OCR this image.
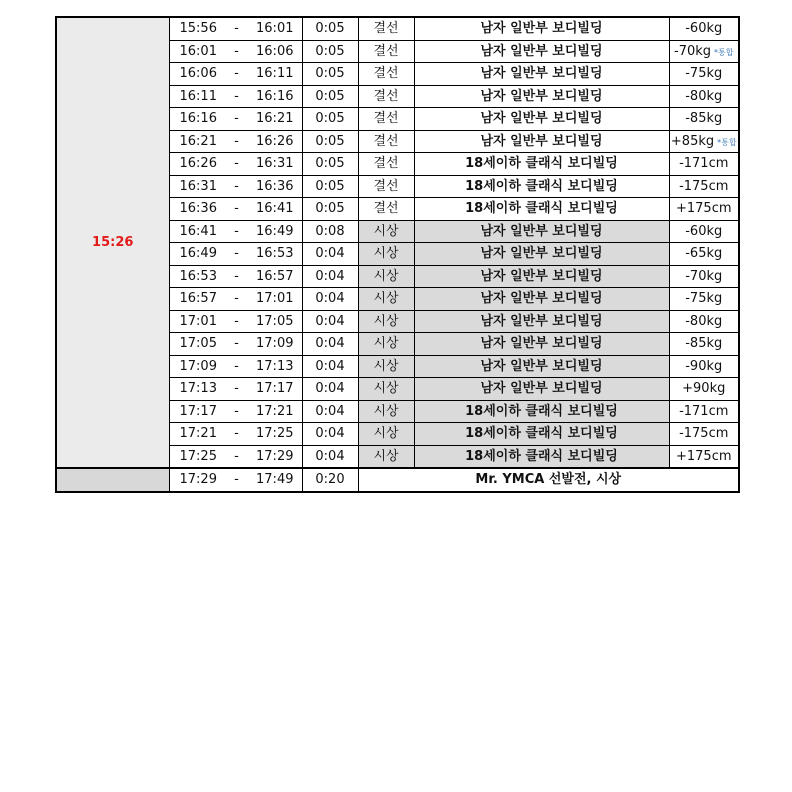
15:26	15:56 - 16:01	0:05	결선	남자 일반부 보디빌딩	-60kg

	16:01 - 16:06	0:05	결선	남자 일반부 보디빌딩	-70kg *통합

	16:06 - 16:11	0:05	결선	남자 일반부 보디빌딩	-75kg

	16:11 - 16:16	0:05	결선	남자 일반부 보디빌딩	-80kg

	16:16 - 16:21	0:05	결선	남자 일반부 보디빌딩	-85kg

	16:21 - 16:26	0:05	결선	남자 일반부 보디빌딩	+85kg *통합

	16:26 - 16:31	0:05	결선	18세이하 클래식 보디빌딩	-171cm

	16:31 - 16:36	0:05	결선	18세이하 클래식 보디빌딩	-175cm

	16:36 - 16:41	0:05	결선	18세이하 클래식 보디빌딩	+175cm

	16:41 - 16:49	0:08	시상	남자 일반부 보디빌딩	-60kg

	16:49 - 16:53	0:04	시상	남자 일반부 보디빌딩	-65kg

	16:53 - 16:57	0:04	시상	남자 일반부 보디빌딩	-70kg

	16:57 - 17:01	0:04	시상	남자 일반부 보디빌딩	-75kg

	17:01 - 17:05	0:04	시상	남자 일반부 보디빌딩	-80kg

	17:05 - 17:09	0:04	시상	남자 일반부 보디빌딩	-85kg

	17:09 - 17:13	0:04	시상	남자 일반부 보디빌딩	-90kg

	17:13 - 17:17	0:04	시상	남자 일반부 보디빌딩	+90kg

	17:17 - 17:21	0:04	시상	18세이하 클래식 보디빌딩	-171cm

	17:21 - 17:25	0:04	시상	18세이하 클래식 보디빌딩	-175cm

	17:25 - 17:29	0:04	시상	18세이하 클래식 보디빌딩	+175cm

	17:29 - 17:49	0:20	Mr. YMCA 선발전, 시상		
